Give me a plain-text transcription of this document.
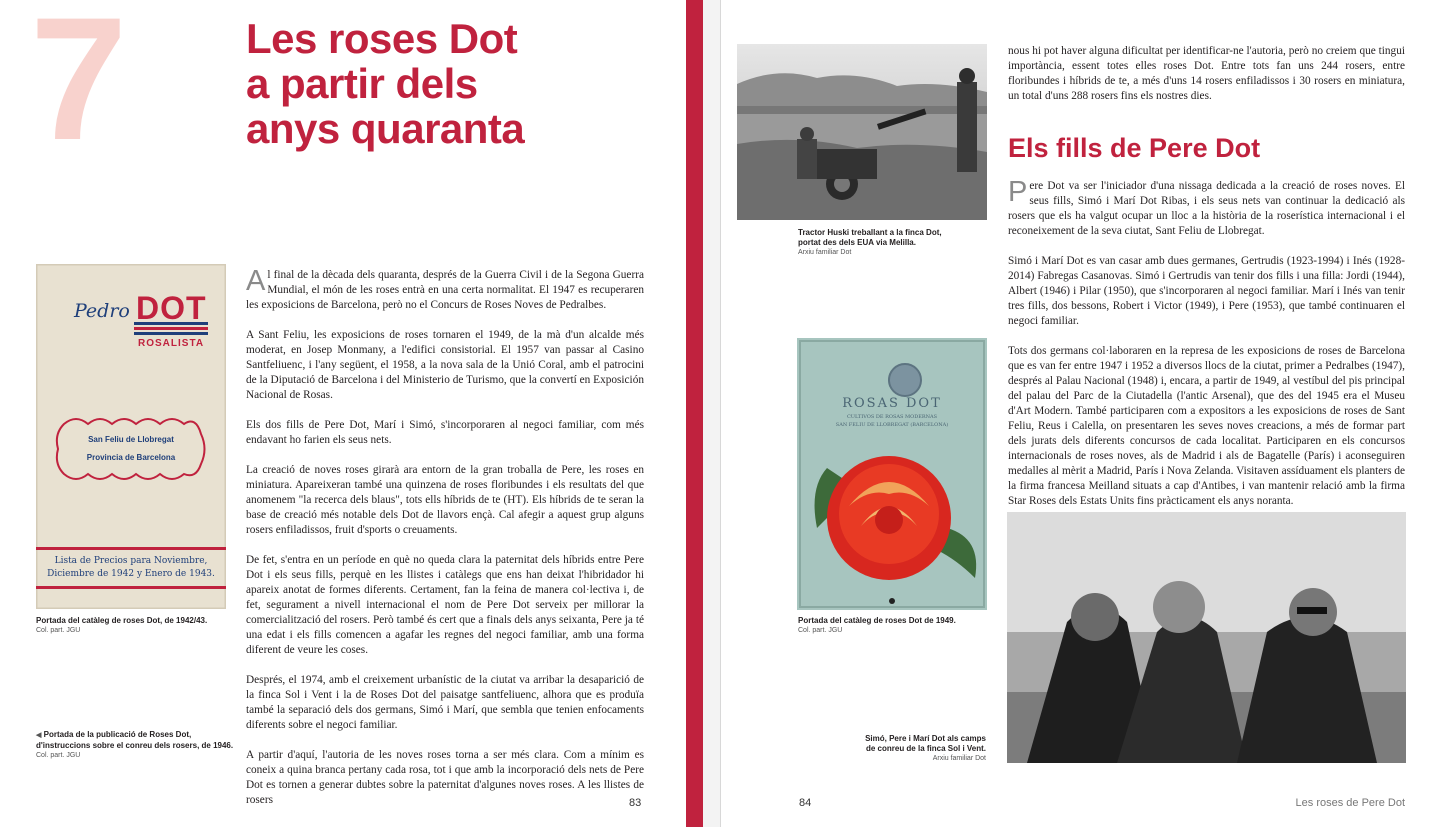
7	Les roses Dot
a partir dels
anys quaranta
Pedro DOT
ROSALISTA
San Feliu de Llobregat
Provincia de Barcelona
Lista de Precios para Noviembre,
Diciembre de 1942 y Enero de 1943.
Portada del catàleg de roses Dot, de 1942/43.
Col. part. JGU
◀ Portada de la publicació de Roses Dot,
d'instruccions sobre el conreu dels rosers, de 1946.
Col. part. JGU

Al final de la dècada dels quaranta, després de la Guerra Civil i de la Segona Guerra Mundial, el món de les roses entrà en una certa normalitat. El 1947 es recuperaren les exposicions de Barcelona, però no el Concurs de Roses Noves de Pedralbes.

A Sant Feliu, les exposicions de roses tornaren el 1949, de la mà d'un alcalde més moderat, en Josep Monmany, a l'edifici consistorial. El 1957 van passar al Casino Santfeliuenc, i l'any següent, el 1958, a la nova sala de la Unió Coral, amb el patrocini de la Diputació de Barcelona i del Ministerio de Turismo, que la convertí en Exposición Nacional de Rosas.

Els dos fills de Pere Dot, Marí i Simó, s'incorporaren al negoci familiar, com més endavant ho farien els seus nets.

La creació de noves roses girarà ara entorn de la gran troballa de Pere, les roses en miniatura. Apareixeran també una quinzena de roses floribundes i els resultats del que anomenem "la recerca dels blaus", tots ells híbrids de te (HT). Els híbrids de te seran la base de creació més notable dels Dot de llavors ençà. Cal afegir a aquest grup alguns rosers enfiladissos, fruit d'sports o creuaments.

De fet, s'entra en un període en què no queda clara la paternitat dels híbrids entre Pere Dot i els seus fills, perquè en les llistes i catàlegs que ens han deixat l'hibridador hi apareix anotat de formes diferents. Certament, fan la feina de manera col·lectiva i, de fet, segurament a nivell internacional el nom de Pere Dot serveix per millorar la comercialització del rosers. Però també és cert que a finals dels anys seixanta, Pere ja té una edat i els fills comencen a agafar les regnes del negoci familiar, amb una forma diferent de veure les coses.

Després, el 1974, amb el creixement urbanístic de la ciutat va arribar la desaparició de la finca Sol i Vent i la de Roses Dot del paisatge santfeliuenc, alhora que es produïa també la separació dels dos germans, Simó i Marí, que sembla que tenien enfocaments diferents sobre el negoci familiar.

A partir d'aquí, l'autoria de les noves roses torna a ser més clara. Com a mínim es coneix a quina branca pertany cada rosa, tot i que amb la incorporació dels nets de Pere Dot es tornen a generar dubtes sobre la paternitat d'algunes noves roses. A les llistes de rosers	83
Tractor Huski treballant a la finca Dot,
portat des dels EUA via Melilla.
Arxiu familiar Dot
ROSAS DOT
CULTIVOS DE ROSAS MODERNAS
SAN FELIU DE LLOBREGAT (BARCELONA)
Portada del catàleg de roses Dot de 1949.
Col. part. JGU
Simó, Pere i Marí Dot als camps
de conreu de la finca Sol i Vent.
Arxiu familiar Dot

nous hi pot haver alguna dificultat per identificar-ne l'autoria, però no creiem que tingui importància, essent totes elles roses Dot. Entre tots fan uns 244 rosers, entre floribundes i híbrids de te, a més d'uns 14 rosers enfiladissos i 30 rosers en miniatura, un total d'uns 288 rosers fins els nostres dies.

Els fills de Pere Dot

Pere Dot va ser l'iniciador d'una nissaga dedicada a la creació de roses noves. El seus fills, Simó i Marí Dot Ribas, i els seus nets van continuar la dedicació als rosers que els ha valgut ocupar un lloc a la història de la roserística internacional i el reconeixement de la seva ciutat, Sant Feliu de Llobregat.

Simó i Marí Dot es van casar amb dues germanes, Gertrudis (1923-1994) i Inés (1928-2014) Fabregas Casanovas. Simó i Gertrudis van tenir dos fills i una filla: Jordi (1944), Albert (1946) i Pilar (1950), que s'incorporaren al negoci familiar. Marí i Inés van tenir tres fills, dos bessons, Robert i Victor (1949), i Pere (1953), que també continuaren el negoci familiar.

Tots dos germans col·laboraren en la represa de les exposicions de roses de Barcelona que es van fer entre 1947 i 1952 a diversos llocs de la ciutat, primer a Pedralbes (1947), després al Palau Nacional (1948) i, encara, a partir de 1949, al vestíbul del pis principal del palau del Parc de la Ciutadella (l'antic Arsenal), que des del 1945 era el Museu d'Art Modern. També participaren com a expositors a les exposicions de roses de Sant Feliu, Reus i Calella, on presentaren les seves noves creacions, a més de formar part dels jurats dels diferents concursos de cada localitat. Participaren en els concursos internacionals de roses noves, als de Madrid i als de Bagatelle (París) i aconseguiren medalles al mèrit a Madrid, París i Nova Zelanda. Visitaven assíduament els planters de la firma francesa Meilland situats a cap d'Antibes, i van mantenir relació amb la firma Star Roses dels Estats Units fins pràcticament els anys noranta.

84	Les roses de Pere Dot
